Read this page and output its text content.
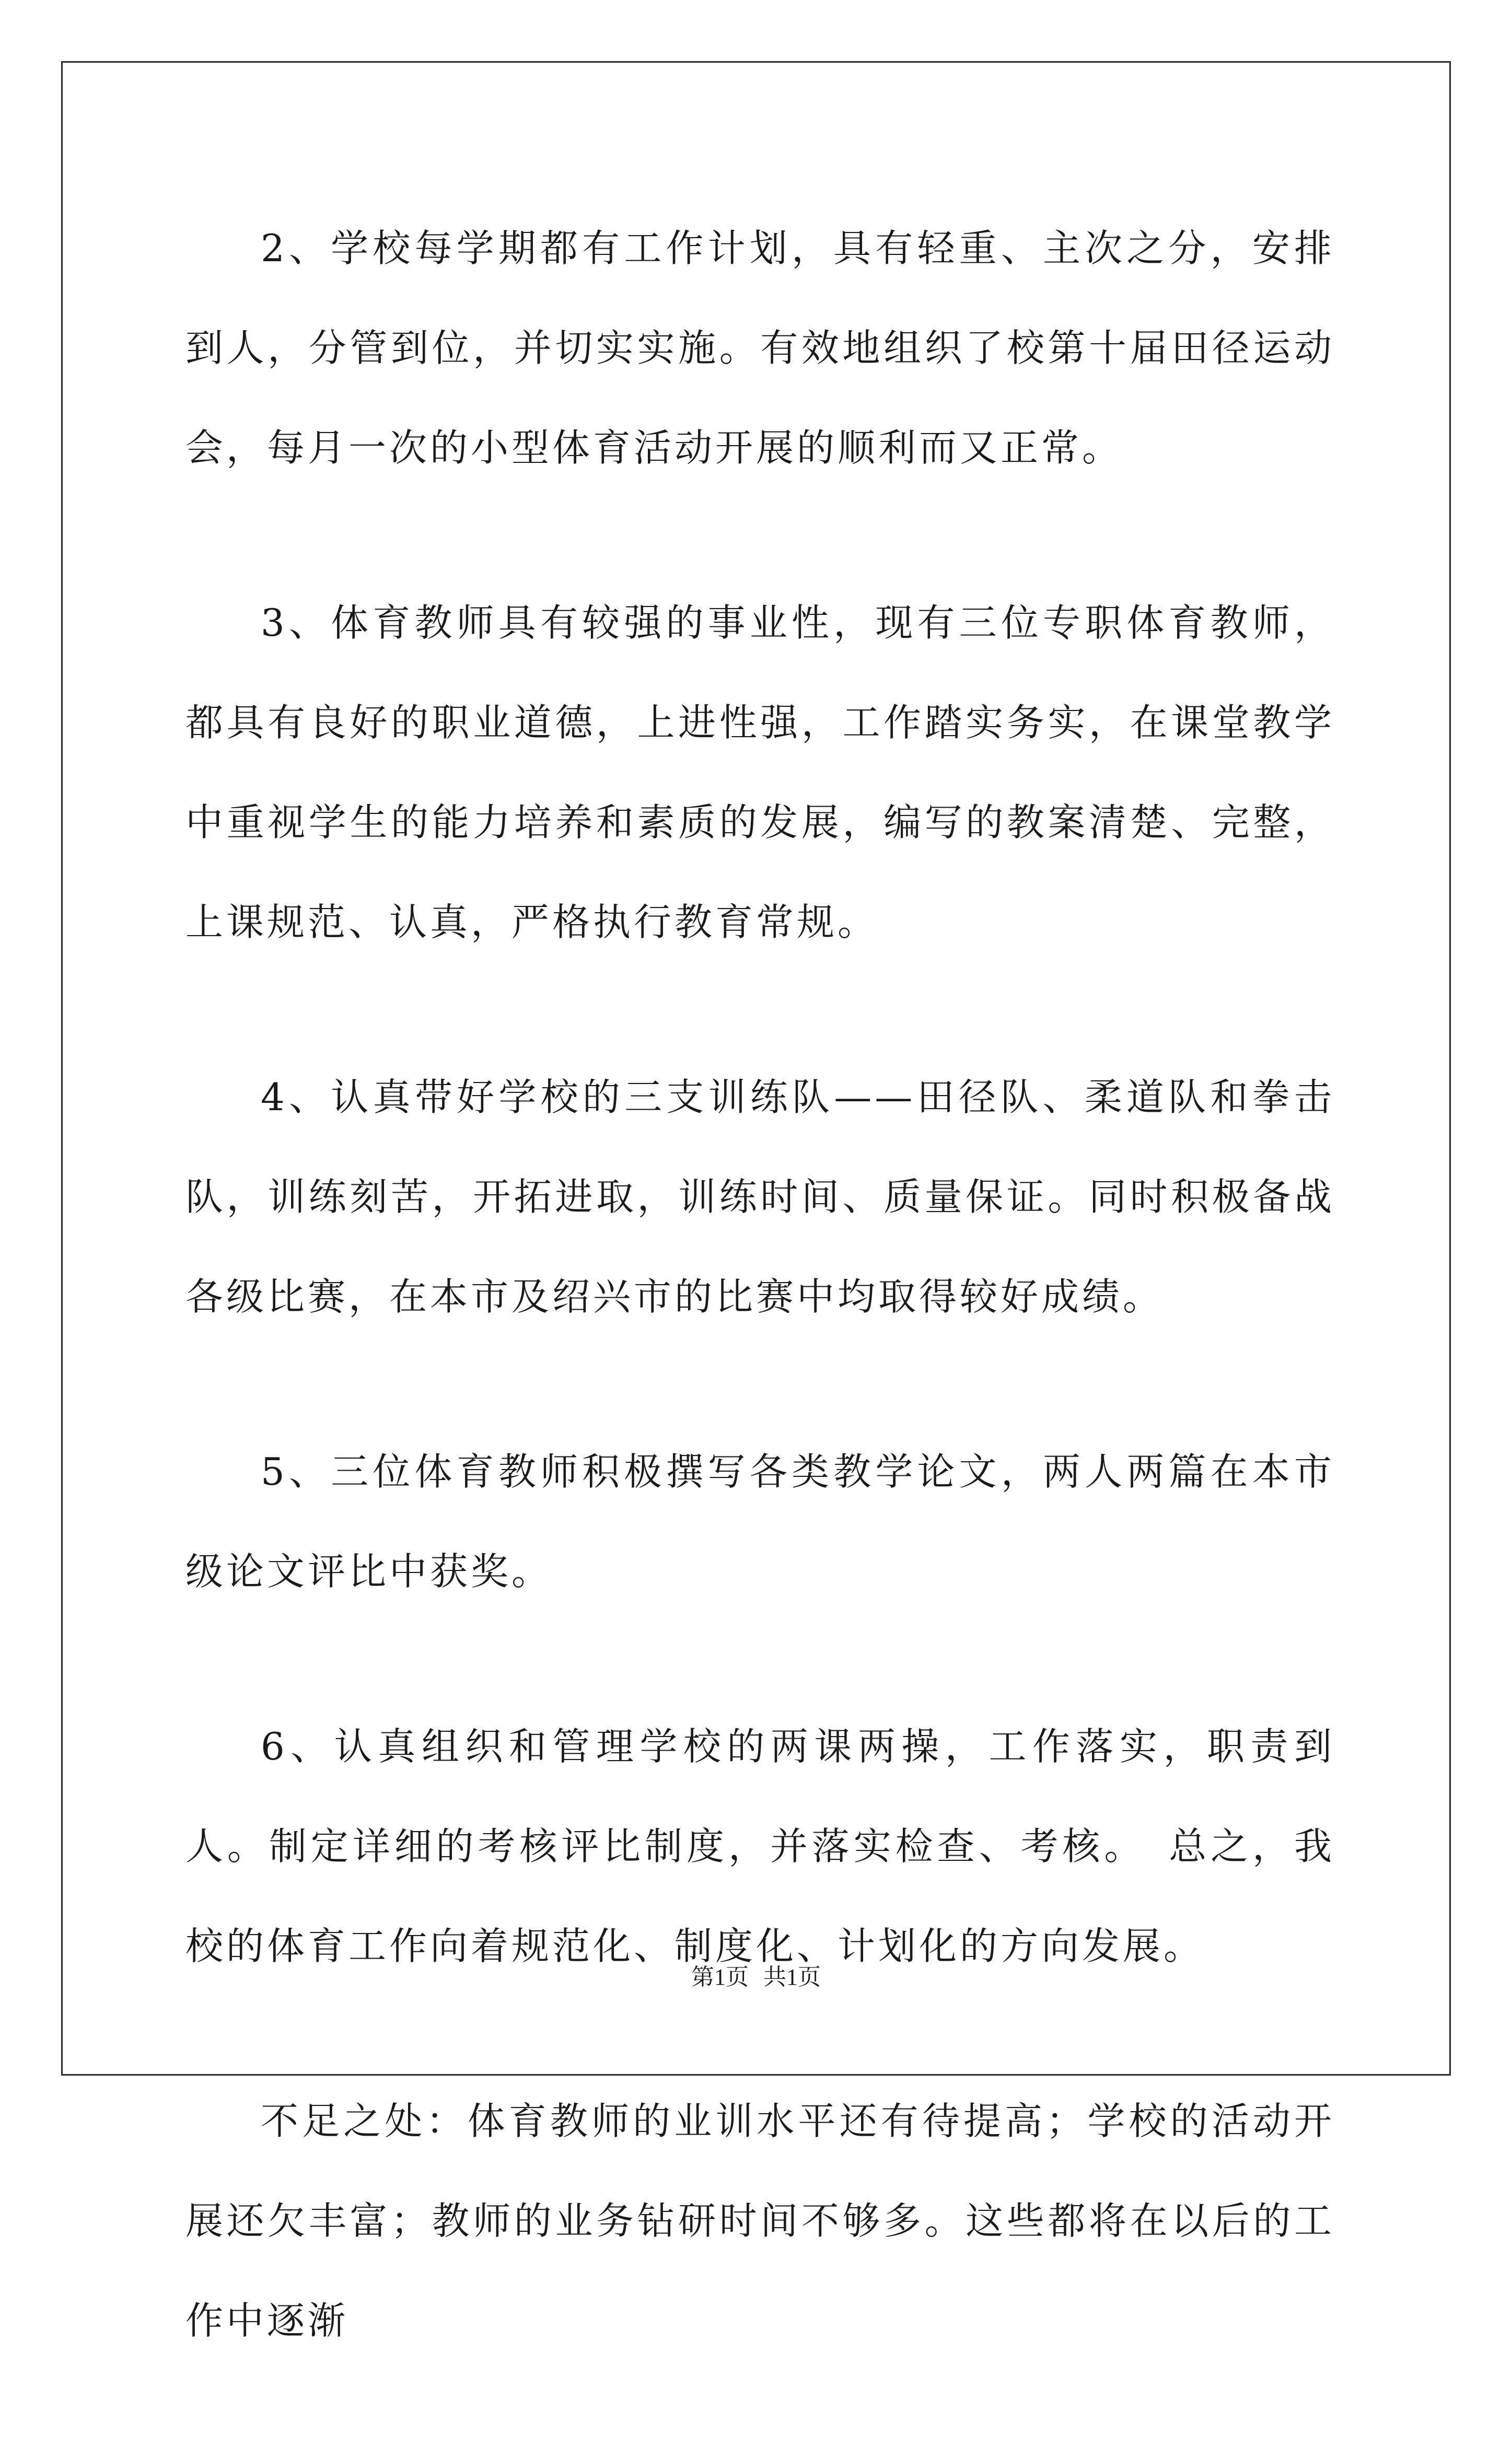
2、学校每学期都有工作计划，具有轻重、主次之分，安排到人，分管到位，并切实实施。有效地组织了校第十届田径运动会，每月一次的小型体育活动开展的顺利而又正常。

3、体育教师具有较强的事业性，现有三位专职体育教师，都具有良好的职业道德，上进性强，工作踏实务实，在课堂教学中重视学生的能力培养和素质的发展，编写的教案清楚、完整，上课规范、认真，严格执行教育常规。

4、认真带好学校的三支训练队——田径队、柔道队和拳击队，训练刻苦，开拓进取，训练时间、质量保证。同时积极备战各级比赛，在本市及绍兴市的比赛中均取得较好成绩。

5、三位体育教师积极撰写各类教学论文，两人两篇在本市级论文评比中获奖。

6、认真组织和管理学校的两课两操，工作落实，职责到人。制定详细的考核评比制度，并落实检查、考核。　总之，我校的体育工作向着规范化、制度化、计划化的方向发展。

不足之处：体育教师的业训水平还有待提高；学校的活动开展还欠丰富；教师的业务钻研时间不够多。这些都将在以后的工作中逐渐

第1页 共1页
